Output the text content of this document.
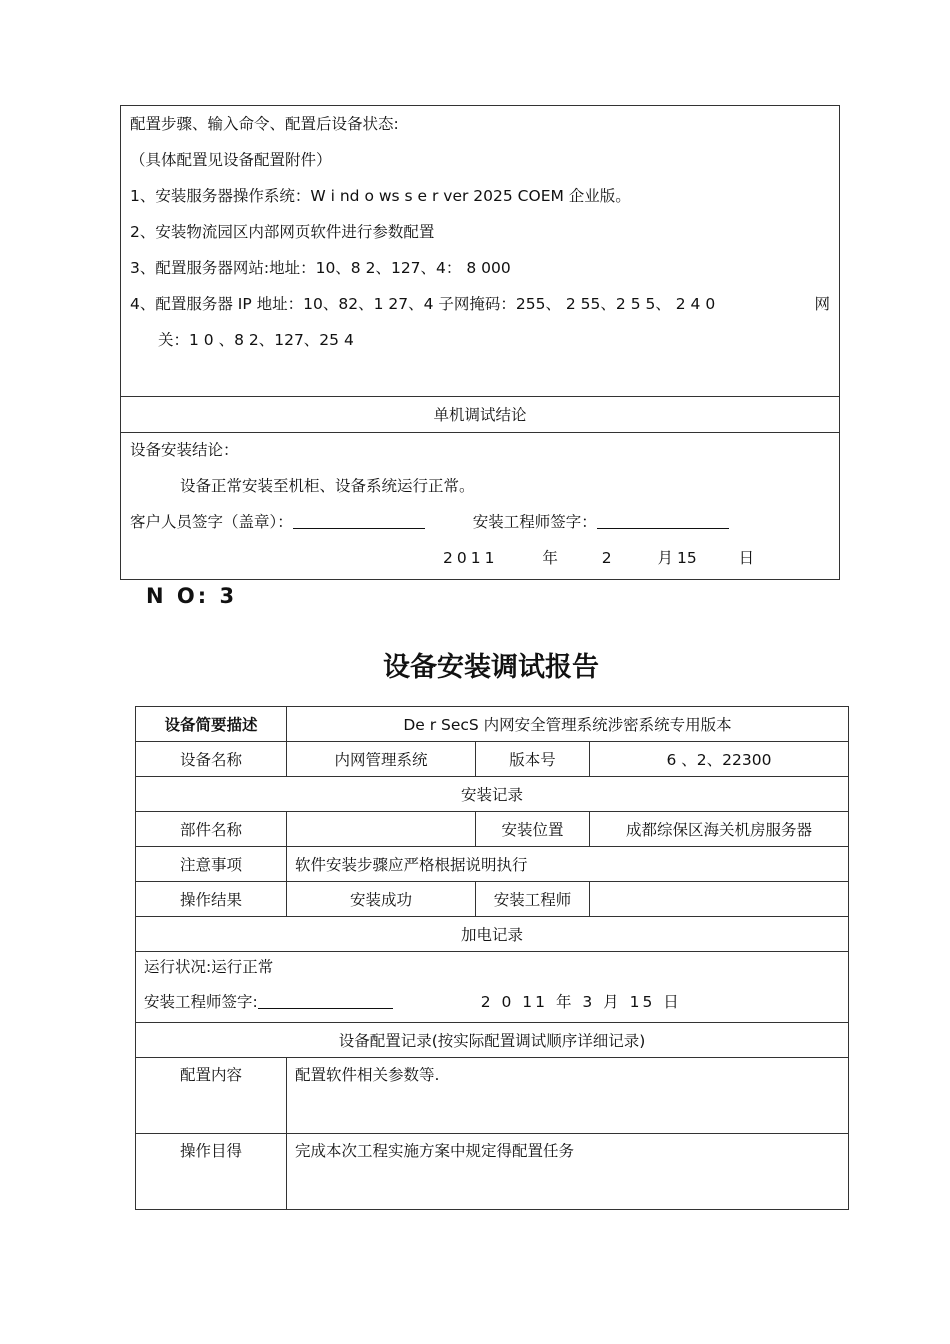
配置步骤、输入命令、配置后设备状态:
（具体配置见设备配置附件）
1、安装服务器操作系统：W i nd o ws s e r ver 2025 COEM 企业版。
2、安装物流园区内部网页软件进行参数配置
3、配置服务器网站:地址：10、8 2、127、4： 8 000
4、配置服务器 IP 地址：10、82、1 27、4 子网掩码：255、 2 55、2 5 5、 2 4 0	网
关：1 0 、8 2、127、25 4

单机调试结论

设备安装结论：
设备正常安装至机柜、设备系统运行正常。
客户人员签字（盖章）：	安装工程师签字：
2011	年	2	月15	日
N O: 3
设备安装调试报告
设备简要描述	De r SecS 内网安全管理系统涉密系统专用版本		
设备名称	内网管理系统	版本号	6 、2、22300
安装记录			
部件名称		安装位置	成都综保区海关机房服务器
注意事项	软件安装步骤应严格根据说明执行		
操作结果	安装成功	安装工程师	
加电记录			

运行状况:运行正常
安装工程师签字: 2 0 11 年 3 月 15 日			

设备配置记录(按实际配置调试顺序详细记录)			
配置内容	配置软件相关参数等.		
操作目得	完成本次工程实施方案中规定得配置任务		
